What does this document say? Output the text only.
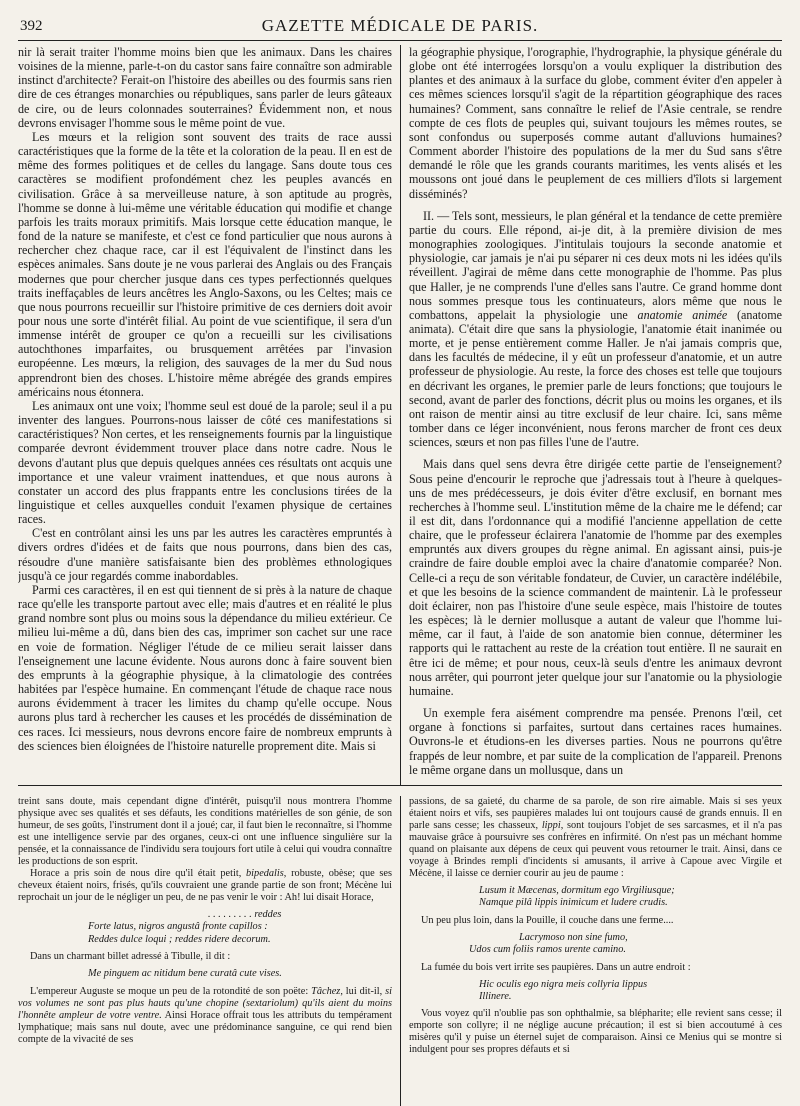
392	GAZETTE MÉDICALE DE PARIS.

nir là serait traiter l'homme moins bien que les animaux. Dans les chaires voisines de la mienne, parle-t-on du castor sans faire connaître son admirable instinct d'architecte? Ferait-on l'histoire des abeilles ou des fourmis sans rien dire de ces étranges monarchies ou républiques, sans parler de leurs gâteaux de cire, ou de leurs colonnades souterraines? Évidemment non, et nous devrons envisager l'homme sous le même point de vue.

Les mœurs et la religion sont souvent des traits de race aussi caractéristiques que la forme de la tête et la coloration de la peau. Il en est de même des formes politiques et de celles du langage. Sans doute tous ces caractères se modifient profondément chez les peuples avancés en civilisation. Grâce à sa merveilleuse nature, à son aptitude au progrès, l'homme se donne à lui-même une véritable éducation qui modifie et change parfois les traits moraux primitifs. Mais lorsque cette éducation manque, le fond de la nature se manifeste, et c'est ce fond particulier que nous aurons à rechercher chez chaque race, car il est l'équivalent de l'instinct dans les espèces animales. Sans doute je ne vous parlerai des Anglais ou des Français modernes que pour chercher jusque dans ces types perfectionnés quelques traits ineffaçables de leurs ancêtres les Anglo-Saxons, ou les Celtes; mais ce que nous pourrons recueillir sur l'histoire primitive de ces derniers doit avoir pour nous une sorte d'intérêt filial. Au point de vue scientifique, il sera d'un immense intérêt de grouper ce qu'on a recueilli sur les civilisations autochthones imparfaites, ou brusquement arrêtées par l'invasion européenne. Les mœurs, la religion, des sauvages de la mer du Sud nous apprendront bien des choses. L'histoire même abrégée des grands empires américains nous étonnera.

Les animaux ont une voix; l'homme seul est doué de la parole; seul il a pu inventer des langues. Pourrons-nous laisser de côté ces manifestations si caractéristiques? Non certes, et les renseignements fournis par la linguistique comparée devront évidemment trouver place dans notre cadre. Nous le devons d'autant plus que depuis quelques années ces résultats ont acquis une importance et une valeur vraiment inattendues, et que nous aurons à constater un accord des plus frappants entre les conclusions tirées de la linguistique et celles auxquelles conduit l'examen physique de certaines races.

C'est en contrôlant ainsi les uns par les autres les caractères empruntés à divers ordres d'idées et de faits que nous pourrons, dans bien des cas, résoudre d'une manière satisfaisante bien des problèmes ethnologiques jusqu'à ce jour regardés comme inabordables.

Parmi ces caractères, il en est qui tiennent de si près à la nature de chaque race qu'elle les transporte partout avec elle; mais d'autres et en réalité le plus grand nombre sont plus ou moins sous la dépendance du milieu extérieur. Ce milieu lui-même a dû, dans bien des cas, imprimer son cachet sur une race en voie de formation. Négliger l'étude de ce milieu serait laisser dans l'enseignement une lacune évidente. Nous aurons donc à faire souvent bien des emprunts à la géographie physique, à la climatologie des contrées habitées par l'espèce humaine. En commençant l'étude de chaque race nous aurons évidemment à tracer les limites du champ qu'elle occupe. Nous aurons plus tard à rechercher les causes et les procédés de dissémination de ces races. Ici messieurs, nous devrons encore faire de nombreux emprunts à des sciences bien éloignées de l'histoire naturelle proprement dite. Mais si

la géographie physique, l'orographie, l'hydrographie, la physique générale du globe ont été interrogées lorsqu'on a voulu expliquer la distribution des plantes et des animaux à la surface du globe, comment éviter d'en appeler à ces mêmes sciences lorsqu'il s'agit de la répartition géographique des races humaines? Comment, sans connaître le relief de l'Asie centrale, se rendre compte de ces flots de peuples qui, suivant toujours les mêmes routes, se sont confondus ou superposés comme autant d'alluvions humaines? Comment aborder l'histoire des populations de la mer du Sud sans s'être demandé le rôle que les grands courants maritimes, les vents alisés et les moussons ont joué dans le peuplement de ces milliers d'îlots si largement disséminés?

II. — Tels sont, messieurs, le plan général et la tendance de cette première partie du cours. Elle répond, ai-je dit, à la première division de mes monographies zoologiques. J'intitulais toujours la seconde anatomie et physiologie, car jamais je n'ai pu séparer ni ces deux mots ni les idées qu'ils réveillent. J'agirai de même dans cette monographie de l'homme. Pas plus que Haller, je ne comprends l'une d'elles sans l'autre. Ce grand homme dont nous sommes presque tous les continuateurs, alors même que nous le combattons, appelait la physiologie une anatomie animée (anatome animata). C'était dire que sans la physiologie, l'anatomie était inanimée ou morte, et je pense entièrement comme Haller. Je n'ai jamais compris que, dans les facultés de médecine, il y eût un professeur d'anatomie, et un autre professeur de physiologie. Au reste, la force des choses est telle que toujours en décrivant les organes, le premier parle de leurs fonctions; que toujours le second, avant de parler des fonctions, décrit plus ou moins les organes, et ils ont raison de mentir ainsi au titre exclusif de leur chaire. Ici, sans même tomber dans ce léger inconvénient, nous ferons marcher de front ces deux sciences, sœurs et non pas filles l'une de l'autre.

Mais dans quel sens devra être dirigée cette partie de l'enseignement? Sous peine d'encourir le reproche que j'adressais tout à l'heure à quelques-uns de mes prédécesseurs, je dois éviter d'être exclusif, en bornant mes recherches à l'homme seul. L'institution même de la chaire me le défend; car il est dit, dans l'ordonnance qui a modifié l'ancienne appellation de cette chaire, que le professeur éclairera l'anatomie de l'homme par des exemples empruntés aux divers groupes du règne animal. En agissant ainsi, puis-je craindre de faire double emploi avec la chaire d'anatomie comparée? Non. Celle-ci a reçu de son véritable fondateur, de Cuvier, un caractère indélébile, et que les besoins de la science commandent de maintenir. Là le professeur doit éclairer, non pas l'histoire d'une seule espèce, mais l'histoire de toutes les espèces; là le dernier mollusque a autant de valeur que l'homme lui-même, car il faut, à l'aide de son anatomie bien connue, déterminer les rapports qui le rattachent au reste de la création tout entière. Il ne saurait en être ici de même; et pour nous, ceux-là seuls d'entre les animaux devront nous arrêter, qui pourront jeter quelque jour sur l'anatomie ou la physiologie humaine.

Un exemple fera aisément comprendre ma pensée. Prenons l'œil, cet organe à fonctions si parfaites, surtout dans certaines races humaines. Ouvrons-le et étudions-en les diverses parties. Nous ne pourrons qu'être frappés de leur nombre, et par suite de la complication de l'appareil. Prenons le même organe dans un mollusque, dans un

treint sans doute, mais cependant digne d'intérêt, puisqu'il nous montrera l'homme physique avec ses qualités et ses défauts, les conditions matérielles de son génie, de son humeur, de ses goûts, l'instrument dont il a joué; car, il faut bien le reconnaître, si l'homme est une intelligence servie par des organes, ceux-ci ont une influence singulière sur la pensée, et la connaissance de l'individu sera toujours fort utile à celui qui voudra connaître les productions de son esprit.

Horace a pris soin de nous dire qu'il était petit, bipedalis, robuste, obèse; que ses cheveux étaient noirs, frisés, qu'ils couvraient une grande partie de son front; Mécène lui reprochait un jour de le négliger un peu, de ne pas venir le voir : Ah! lui disait Horace,

. . . . . . . . . reddes
Forte latus, nigros angustâ fronte capillos :
Reddes dulce loqui ; reddes ridere decorum.

Dans un charmant billet adressé à Tibulle, il dit :

Me pinguem ac nitidum bene curatâ cute vises.

L'empereur Auguste se moque un peu de la rotondité de son poëte: Tâchez, lui dit-il, si vos volumes ne sont pas plus hauts qu'une chopine (sextariolum) qu'ils aient du moins l'honnête ampleur de votre ventre. Ainsi Horace offrait tous les attributs du tempérament lymphatique; mais sans nul doute, avec une prédominance sanguine, ce qui rend bien compte de la vivacité de ses

passions, de sa gaieté, du charme de sa parole, de son rire aimable. Mais si ses yeux étaient noirs et vifs, ses paupières malades lui ont toujours causé de grands ennuis. Il en parle sans cesse; les chasseux, lippi, sont toujours l'objet de ses sarcasmes, et il n'a pas mauvaise grâce à poursuivre ses confrères en infirmité. On n'est pas un méchant homme quand on plaisante aux dépens de ceux qui peuvent vous retourner le trait. Ainsi, dans ce voyage à Brindes rempli d'incidents si amusants, il arrive à Capoue avec Virgile et Mécène, il laisse ce dernier courir au jeu de paume :

Lusum it Mæcenas, dormitum ego Virgiliusque;
Namque pilâ lippis inimicum et ludere crudis.

Un peu plus loin, dans la Pouille, il couche dans une ferme....

Lacrymoso non sine fumo,
Udos cum foliis ramos urente camino.

La fumée du bois vert irrite ses paupières. Dans un autre endroit :

Hic oculis ego nigra meis collyria lippus
Illinere.

Vous voyez qu'il n'oublie pas son ophthalmie, sa blépharite; elle revient sans cesse; il emporte son collyre; il ne néglige aucune précaution; il est si bien accoutumé à ces misères qu'il y puise un éternel sujet de comparaison. Ainsi ce Menius qui se montre si indulgent pour ses propres défauts et si
